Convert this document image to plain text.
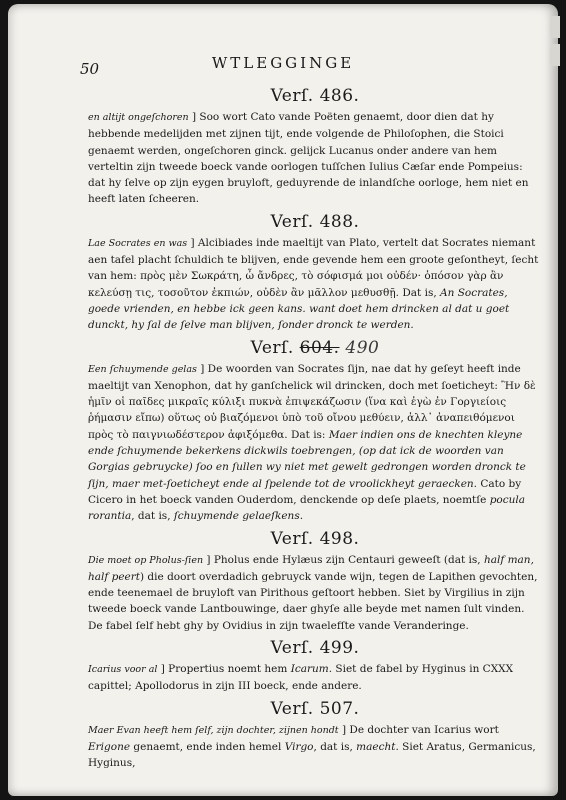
50	WTLEGGINGE
Verſ. 486.

en altijt ongeſchoren ] Soo wort Cato vande Poëten genaemt, door dien dat hy hebbende medelijden met zijnen tijt, ende volgende de Philoſophen, die Stoici genaemt werden, ongeſchoren ginck. gelijck Lucanus onder andere van hem verteltin zijn tweede boeck vande oorlogen tuſſchen Iulius Cæſar ende Pompeius: dat hy ſelve op zijn eygen bruyloft, geduyrende de inlandſche oorloge, hem niet en heeft laten ſcheeren.

Verſ. 488.

Lae Socrates en was ] Alcibiades inde maeltijt van Plato, vertelt dat Socrates niemant aen tafel placht ſchuldich te blijven, ende gevende hem een groote geſontheyt, ſecht van hem: πρὸς μὲν Σωκράτη, ὦ ἄνδρες, τὸ σόφισμά μοι οὐδέν· ὁπόσον γὰρ ἂν κελεύσῃ τις, τοσοῦτον ἐκπιών, οὐδὲν ἂν μᾶλλον μεθυσθῇ. Dat is, An Socrates, goede vrienden, en hebbe ick geen kans. want doet hem drincken al dat u goet dunckt, hy ſal de ſelve man blijven, ſonder dronck te werden.

Verſ. 604. 490

Een ſchuymende gelas ] De woorden van Socrates ſijn, nae dat hy geſeyt heeft inde maeltijt van Xenophon, dat hy ganſchelick wil drincken, doch met ſoeticheyt: Ἢν δὲ ἡμῖν οἱ παῖδες μικραῖς κύλιξι πυκνὰ ἐπιψεκάζωσιν (ἵνα καὶ ἐγὼ ἐν Γοργιείοις ῥήμασιν εἴπω) οὕτως οὐ βιαζόμενοι ὑπὸ τοῦ οἴνου μεθύειν, ἀλλ᾽ ἀναπειθόμενοι πρὸς τὸ παιγνιωδέστερον ἀφιξόμεθα. Dat is: Maer indien ons de knechten kleyne ende ſchuymende bekerkens dickwils toebrengen, (op dat ick de woorden van Gorgias gebruycke) ſoo en ſullen wy niet met gewelt gedrongen worden dronck te ſijn, maer met-ſoeticheyt ende al ſpelende tot de vroolickheyt geraecken. Cato by Cicero in het boeck vanden Ouderdom, denckende op deſe plaets, noemtſe pocula rorantia, dat is, ſchuymende gelaeſkens.

Verſ. 498.

Die moet op Pholus-ſien ] Pholus ende Hylæus zijn Centauri geweeſt (dat is, half man, half peert) die doort overdadich gebruyck vande wijn, tegen de Lapithen gevochten, ende teenemael de bruyloft van Pirithous geſtoort hebben. Siet by Virgilius in zijn tweede boeck vande Lantbouwinge, daer ghyſe alle beyde met namen ſult vinden. De fabel ſelf hebt ghy by Ovidius in zijn twaelefſte vande Veranderinge.

Verſ. 499.

Icarius voor al ] Propertius noemt hem Icarum. Siet de fabel by Hyginus in CXXX capittel; Apollodorus in zijn III boeck, ende andere.

Verſ. 507.

Maer Evan heeft hem ſelf, zijn dochter, zijnen hondt ] De dochter van Icarius wort
Erigone genaemt, ende inden hemel Virgo, dat is, maecht. Siet Aratus, Germanicus, Hyginus,
